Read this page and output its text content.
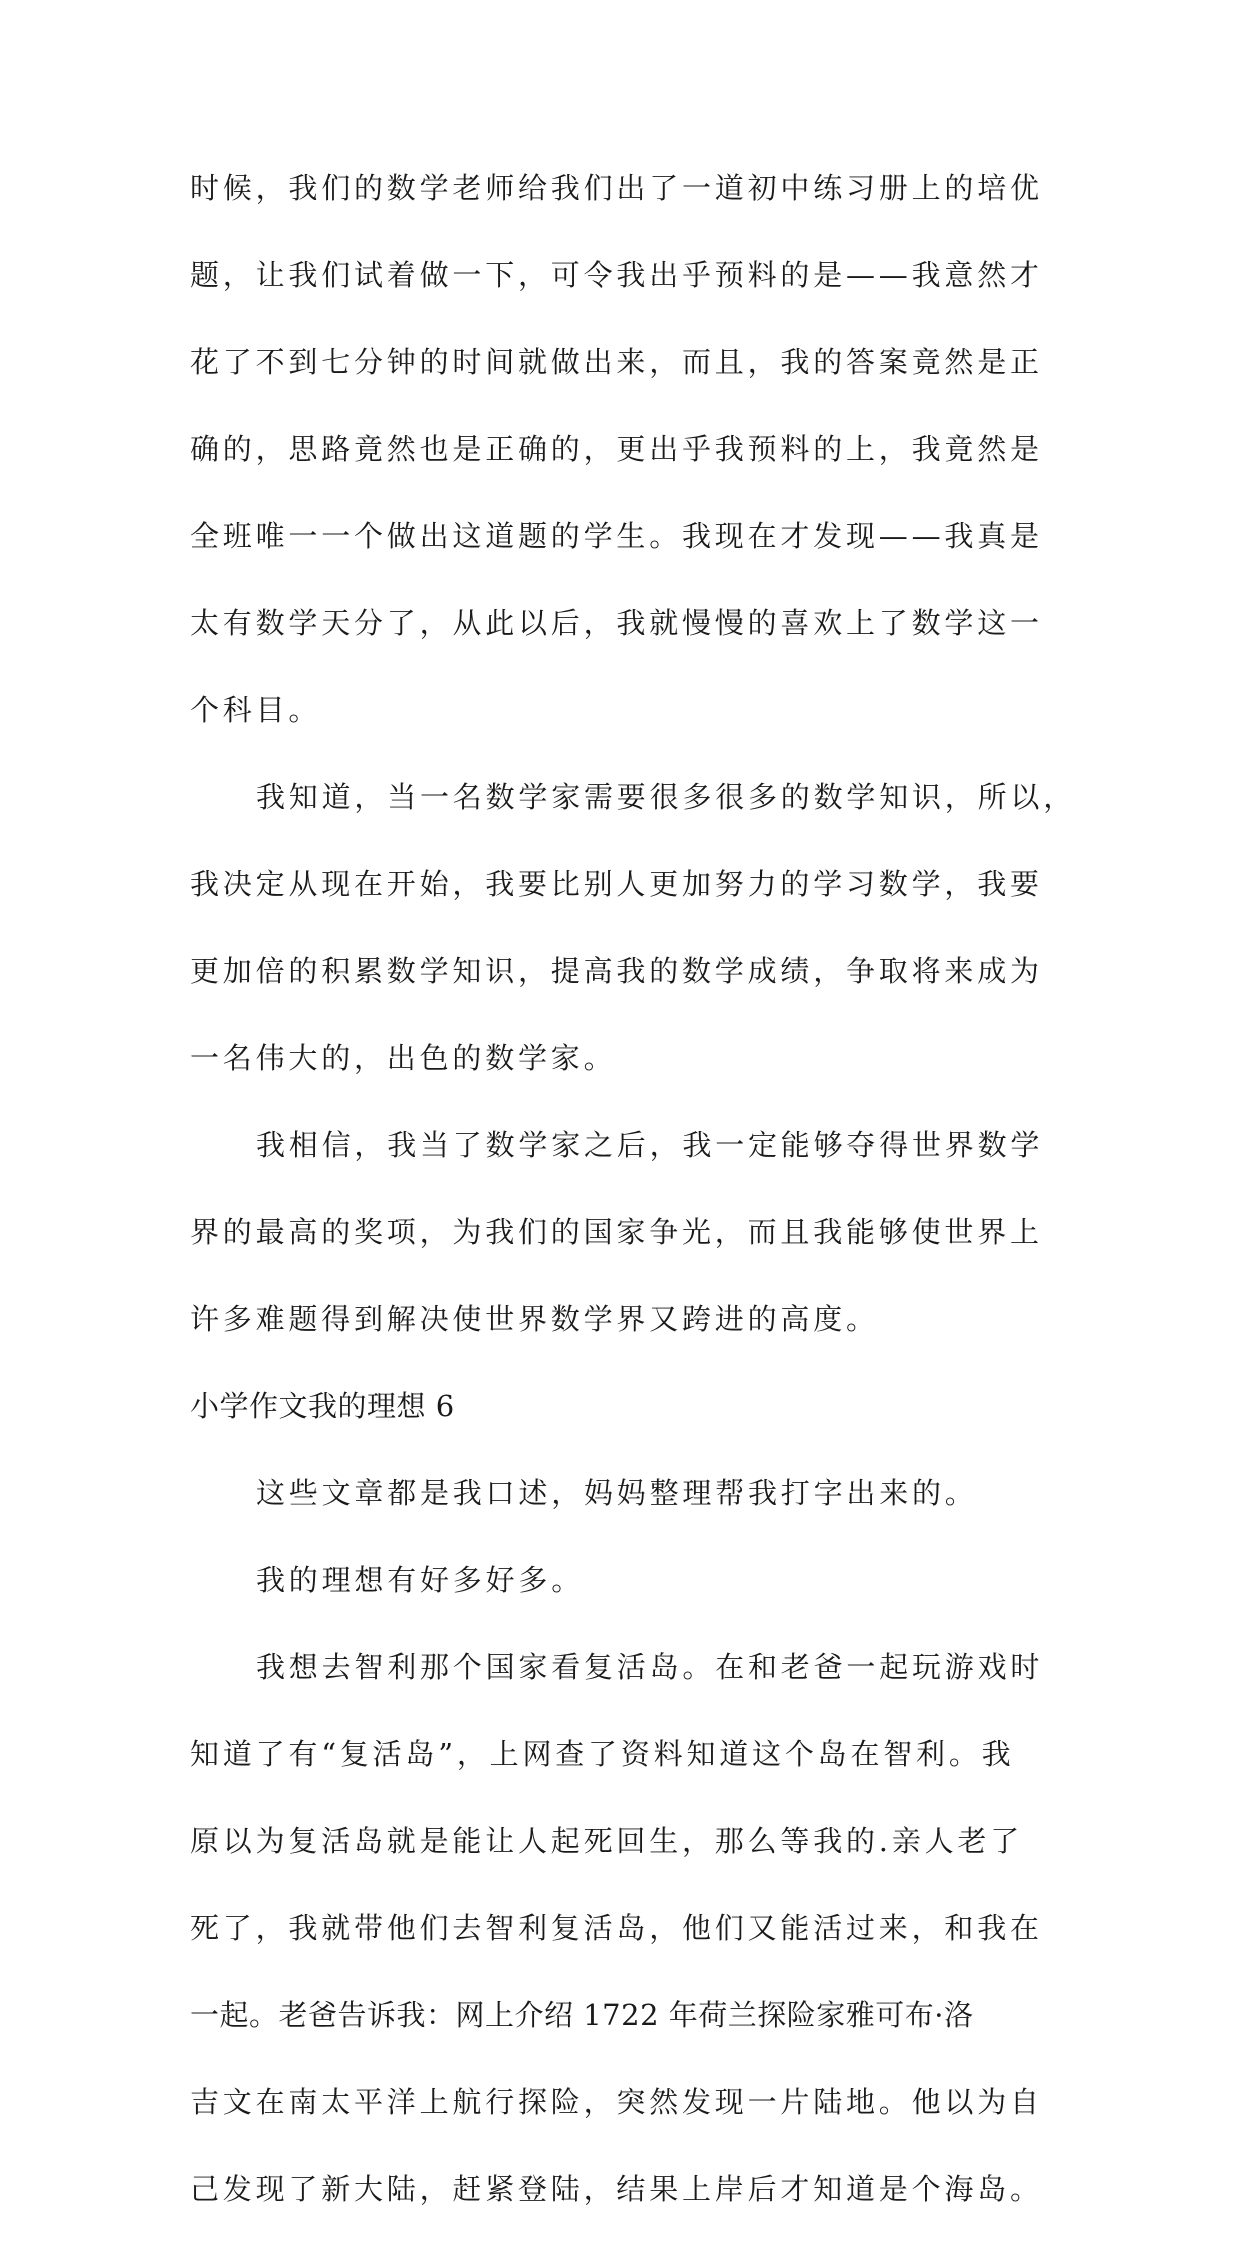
时候，我们的数学老师给我们出了一道初中练习册上的培优
题，让我们试着做一下，可令我出乎预料的是——我意然才
花了不到七分钟的时间就做出来，而且，我的答案竟然是正
确的，思路竟然也是正确的，更出乎我预料的上，我竟然是
全班唯一一个做出这道题的学生。我现在才发现——我真是
太有数学天分了，从此以后，我就慢慢的喜欢上了数学这一
个科目。
我知道，当一名数学家需要很多很多的数学知识，所以，
我决定从现在开始，我要比别人更加努力的学习数学，我要
更加倍的积累数学知识，提高我的数学成绩，争取将来成为
一名伟大的，出色的数学家。
我相信，我当了数学家之后，我一定能够夺得世界数学
界的最高的奖项，为我们的国家争光，而且我能够使世界上
许多难题得到解决使世界数学界又跨进的高度。
小学作文我的理想 6
这些文章都是我口述，妈妈整理帮我打字出来的。
我的理想有好多好多。
我想去智利那个国家看复活岛。在和老爸一起玩游戏时
知道了有“复活岛”，上网查了资料知道这个岛在智利。我
原以为复活岛就是能让人起死回生，那么等我的.亲人老了
死了，我就带他们去智利复活岛，他们又能活过来，和我在
一起。老爸告诉我：网上介绍 1722 年荷兰探险家雅可布·洛
吉文在南太平洋上航行探险，突然发现一片陆地。他以为自
己发现了新大陆，赶紧登陆，结果上岸后才知道是个海岛。
